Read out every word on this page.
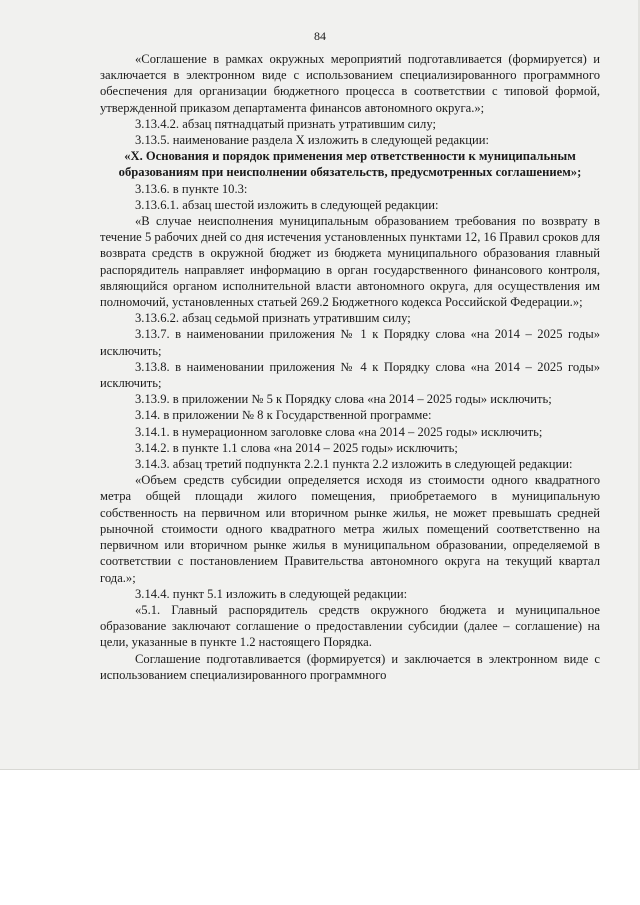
84

«Соглашение в рамках окружных мероприятий подготавливается (формируется) и заключается в электронном виде с использованием специализированного программного обеспечения для организации бюджетного процесса в соответствии с типовой формой, утвержденной приказом департамента финансов автономного округа.»;

3.13.4.2. абзац пятнадцатый признать утратившим силу;

3.13.5. наименование раздела X изложить в следующей редакции:

«X. Основания и порядок применения мер ответственности к муниципальным образованиям при неисполнении обязательств, предусмотренных соглашением»;

3.13.6. в пункте 10.3:

3.13.6.1. абзац шестой изложить в следующей редакции:

«В случае неисполнения муниципальным образованием требования по возврату в течение 5 рабочих дней со дня истечения установленных пунктами 12, 16 Правил сроков для возврата средств в окружной бюджет из бюджета муниципального образования главный распорядитель направляет информацию в орган государственного финансового контроля, являющийся органом исполнительной власти автономного округа, для осуществления им полномочий, установленных статьей 269.2 Бюджетного кодекса Российской Федерации.»;

3.13.6.2. абзац седьмой признать утратившим силу;

3.13.7. в наименовании приложения № 1 к Порядку слова «на 2014 – 2025 годы» исключить;

3.13.8. в наименовании приложения № 4 к Порядку слова «на 2014 – 2025 годы» исключить;

3.13.9. в приложении № 5 к Порядку слова «на 2014 – 2025 годы» исключить;

3.14. в приложении № 8 к Государственной программе:

3.14.1. в нумерационном заголовке слова «на 2014 – 2025 годы» исключить;

3.14.2. в пункте 1.1 слова «на 2014 – 2025 годы» исключить;

3.14.3. абзац третий подпункта 2.2.1 пункта 2.2 изложить в следующей редакции:

«Объем средств субсидии определяется исходя из стоимости одного квадратного метра общей площади жилого помещения, приобретаемого в муниципальную собственность на первичном или вторичном рынке жилья, не может превышать средней рыночной стоимости одного квадратного метра жилых помещений соответственно на первичном или вторичном рынке жилья в муниципальном образовании, определяемой в соответствии с постановлением Правительства автономного округа на текущий квартал года.»;

3.14.4. пункт 5.1 изложить в следующей редакции:

«5.1. Главный распорядитель средств окружного бюджета и муниципальное образование заключают соглашение о предоставлении субсидии (далее – соглашение) на цели, указанные в пункте 1.2 настоящего Порядка.

Соглашение подготавливается (формируется) и заключается в электронном виде с использованием специализированного программного
